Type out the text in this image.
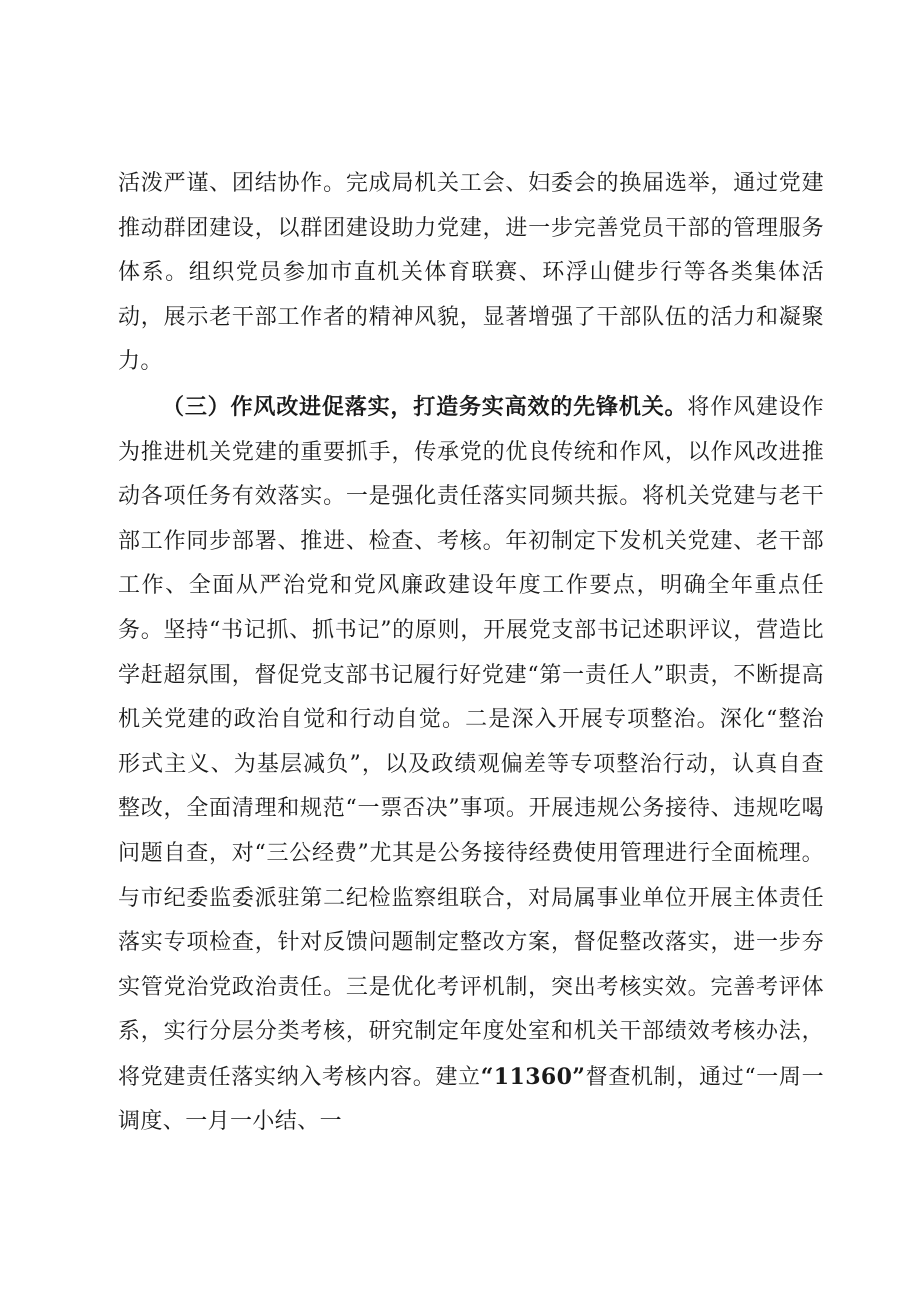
活泼严谨、团结协作。完成局机关工会、妇委会的换届选举，通过党建推动群团建设，以群团建设助力党建，进一步完善党员干部的管理服务体系。组织党员参加市直机关体育联赛、环浮山健步行等各类集体活动，展示老干部工作者的精神风貌，显著增强了干部队伍的活力和凝聚力。

（三）作风改进促落实，打造务实高效的先锋机关。将作风建设作为推进机关党建的重要抓手，传承党的优良传统和作风，以作风改进推动各项任务有效落实。一是强化责任落实同频共振。将机关党建与老干部工作同步部署、推进、检查、考核。年初制定下发机关党建、老干部工作、全面从严治党和党风廉政建设年度工作要点，明确全年重点任务。坚持“书记抓、抓书记”的原则，开展党支部书记述职评议，营造比学赶超氛围，督促党支部书记履行好党建“第一责任人”职责，不断提高机关党建的政治自觉和行动自觉。二是深入开展专项整治。深化“整治形式主义、为基层减负”，以及政绩观偏差等专项整治行动，认真自查整改，全面清理和规范“一票否决”事项。开展违规公务接待、违规吃喝问题自查，对“三公经费”尤其是公务接待经费使用管理进行全面梳理。与市纪委监委派驻第二纪检监察组联合，对局属事业单位开展主体责任落实专项检查，针对反馈问题制定整改方案，督促整改落实，进一步夯实管党治党政治责任。三是优化考评机制，突出考核实效。完善考评体系，实行分层分类考核，研究制定年度处室和机关干部绩效考核办法，将党建责任落实纳入考核内容。建立“11360”督查机制，通过“一周一调度、一月一小结、一
